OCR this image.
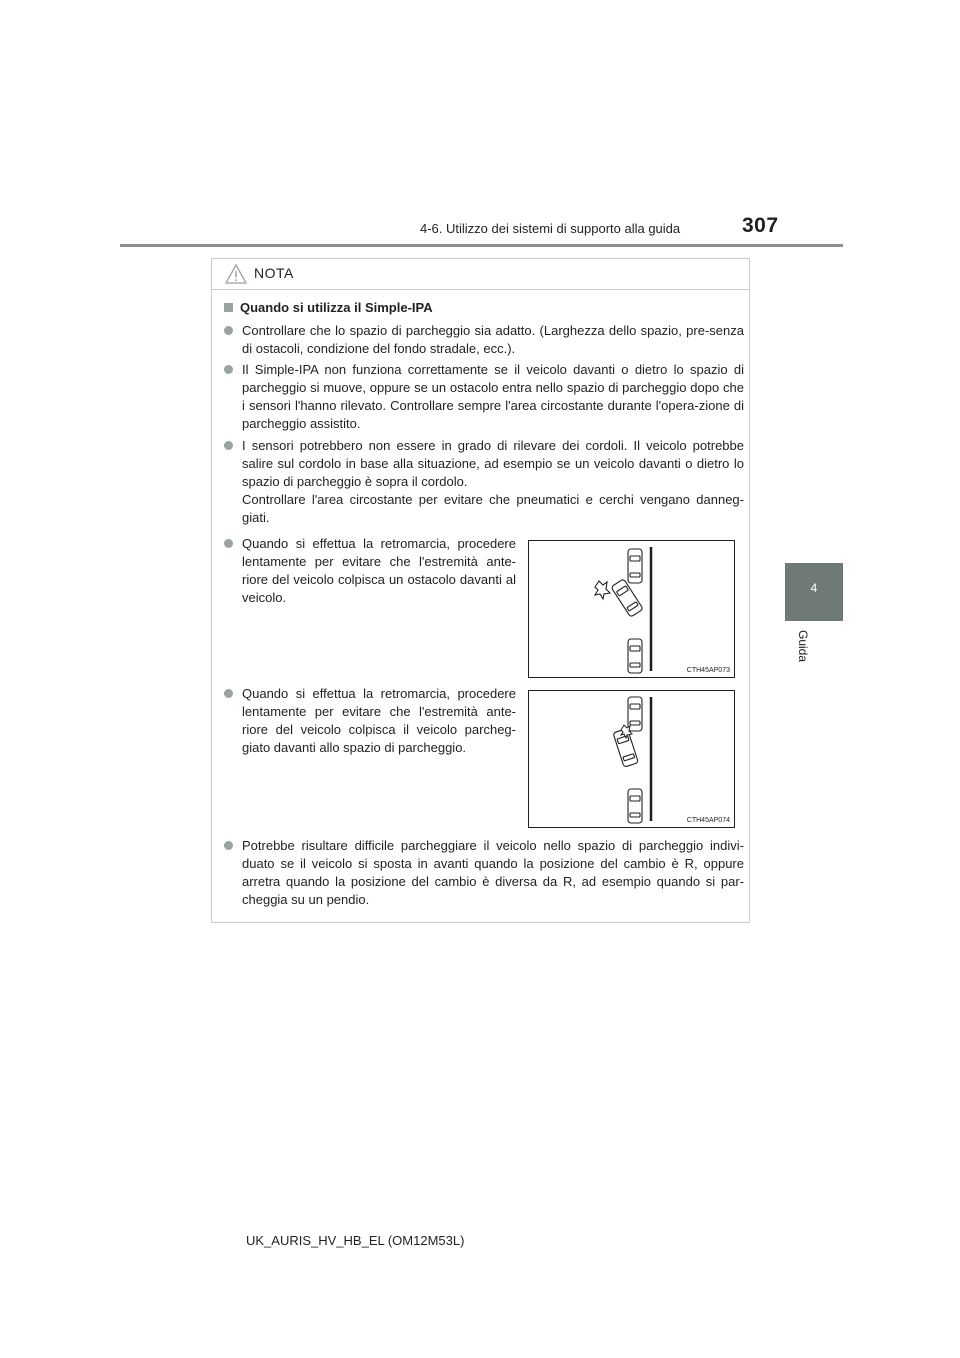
4-6. Utilizzo dei sistemi di supporto alla guida	307
4
Guida
NOTA
Quando si utilizza il Simple-IPA

Controllare che lo spazio di parcheggio sia adatto. (Larghezza dello spazio, pre-senza di ostacoli, condizione del fondo stradale, ecc.).

Il Simple-IPA non funziona correttamente se il veicolo davanti o dietro lo spazio di parcheggio si muove, oppure se un ostacolo entra nello spazio di parcheggio dopo che i sensori l'hanno rilevato. Controllare sempre l'area circostante durante l'opera-zione di parcheggio assistito.

I sensori potrebbero non essere in grado di rilevare dei cordoli. Il veicolo potrebbe salire sul cordolo in base alla situazione, ad esempio se un veicolo davanti o dietro lo spazio di parcheggio è sopra il cordolo.

Controllare l'area circostante per evitare che pneumatici e cerchi vengano danneg-giati.

Quando si effettua la retromarcia, procedere lentamente per evitare che l'estremità ante-riore del veicolo colpisca un ostacolo davanti al veicolo.

CTH45AP073

Quando si effettua la retromarcia, procedere lentamente per evitare che l'estremità ante-riore del veicolo colpisca il veicolo parcheg-giato davanti allo spazio di parcheggio.

CTH45AP074

Potrebbe risultare difficile parcheggiare il veicolo nello spazio di parcheggio indivi-duato se il veicolo si sposta in avanti quando la posizione del cambio è R, oppure arretra quando la posizione del cambio è diversa da R, ad esempio quando si par-cheggia su un pendio.

UK_AURIS_HV_HB_EL (OM12M53L)
